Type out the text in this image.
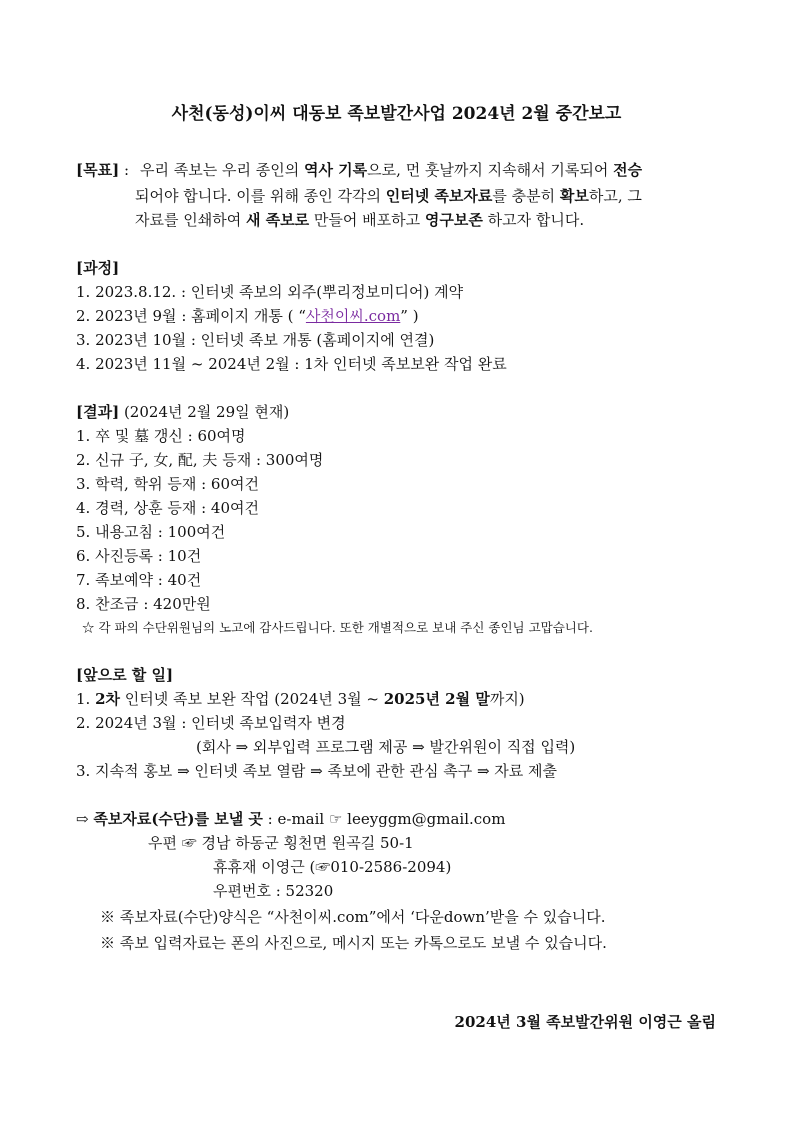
사천(동성)이씨 대동보 족보발간사업 2024년 2월 중간보고
[목표] : 우리 족보는 우리 종인의 역사 기록으로, 먼 훗날까지 지속해서 기록되어 전승
되어야 합니다. 이를 위해 종인 각각의 인터넷 족보자료를 충분히 확보하고, 그
자료를 인쇄하여 새 족보로 만들어 배포하고 영구보존 하고자 합니다.
[과정]
1. 2023.8.12. : 인터넷 족보의 외주(뿌리정보미디어) 계약
2. 2023년 9월 : 홈페이지 개통 ( “사천이씨.com” )
3. 2023년 10월 : 인터넷 족보 개통 (홈페이지에 연결)
4. 2023년 11월 ~ 2024년 2월 : 1차 인터넷 족보보완 작업 완료
[결과] (2024년 2월 29일 현재)
1. 卒 및 墓 갱신 : 60여명
2. 신규 子, 女, 配, 夫 등재 : 300여명
3. 학력, 학위 등재 : 60여건
4. 경력, 상훈 등재 : 40여건
5. 내용고침 : 100여건
6. 사진등록 : 10건
7. 족보예약 : 40건
8. 찬조금 : 420만원
☆ 각 파의 수단위원님의 노고에 감사드립니다. 또한 개별적으로 보내 주신 종인님 고맙습니다.
[앞으로 할 일]
1. 2차 인터넷 족보 보완 작업 (2024년 3월 ~ 2025년 2월 말까지)
2. 2024년 3월 : 인터넷 족보입력자 변경
(회사 ⇒ 외부입력 프로그램 제공 ⇒ 발간위원이 직접 입력)
3. 지속적 홍보 ⇒ 인터넷 족보 열람 ⇒ 족보에 관한 관심 촉구 ⇒ 자료 제출
⇨ 족보자료(수단)를 보낼 곳 : e-mail ☞ leeyggm@gmail.com
우편 ☞ 경남 하동군 횡천면 원곡길 50-1
휴휴재 이영근 (☞010-2586-2094)
우편번호 : 52320
※ 족보자료(수단)양식은 “사천이씨.com”에서 ‘다운down’받을 수 있습니다.
※ 족보 입력자료는 폰의 사진으로, 메시지 또는 카톡으로도 보낼 수 있습니다.
2024년 3월 족보발간위원 이영근 올림
